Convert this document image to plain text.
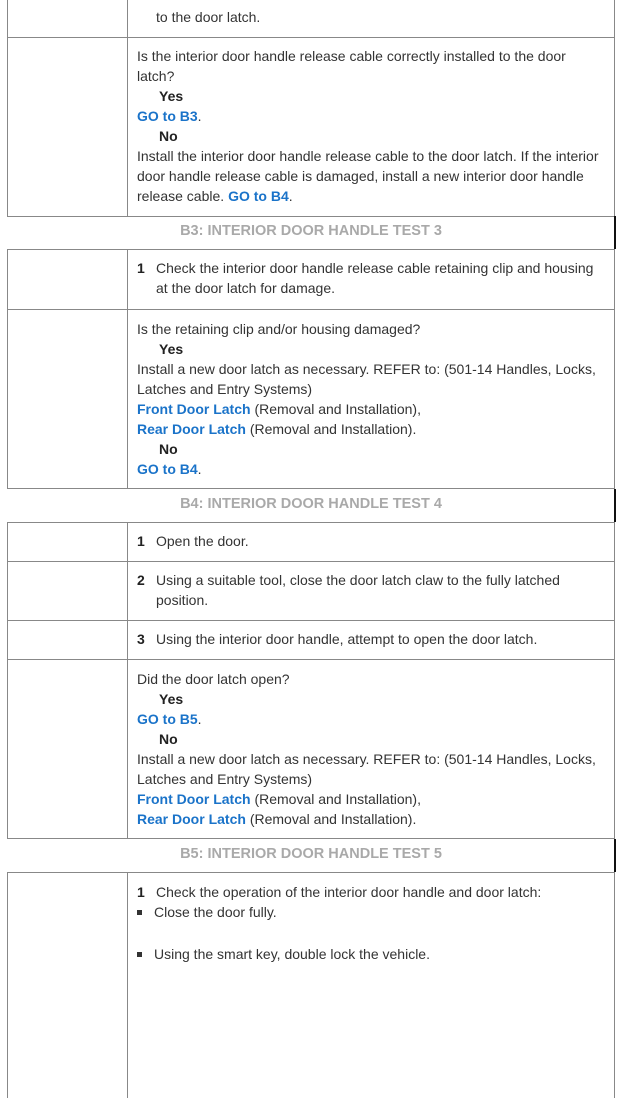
to the door latch.
Is the interior door handle release cable correctly installed to the door latch?
Yes
GO to B3.
No
Install the interior door handle release cable to the door latch. If the interior door handle release cable is damaged, install a new interior door handle release cable. GO to B4.
B3: INTERIOR DOOR HANDLE TEST 3
1 Check the interior door handle release cable retaining clip and housing at the door latch for damage.
Is the retaining clip and/or housing damaged?
Yes
Install a new door latch as necessary. REFER to: (501-14 Handles, Locks, Latches and Entry Systems)
Front Door Latch (Removal and Installation),
Rear Door Latch (Removal and Installation).
No
GO to B4.
B4: INTERIOR DOOR HANDLE TEST 4
1 Open the door.
2 Using a suitable tool, close the door latch claw to the fully latched position.
3 Using the interior door handle, attempt to open the door latch.
Did the door latch open?
Yes
GO to B5.
No
Install a new door latch as necessary. REFER to: (501-14 Handles, Locks, Latches and Entry Systems)
Front Door Latch (Removal and Installation),
Rear Door Latch (Removal and Installation).
B5: INTERIOR DOOR HANDLE TEST 5
1 Check the operation of the interior door handle and door latch:
Close the door fully.
Using the smart key, double lock the vehicle.
